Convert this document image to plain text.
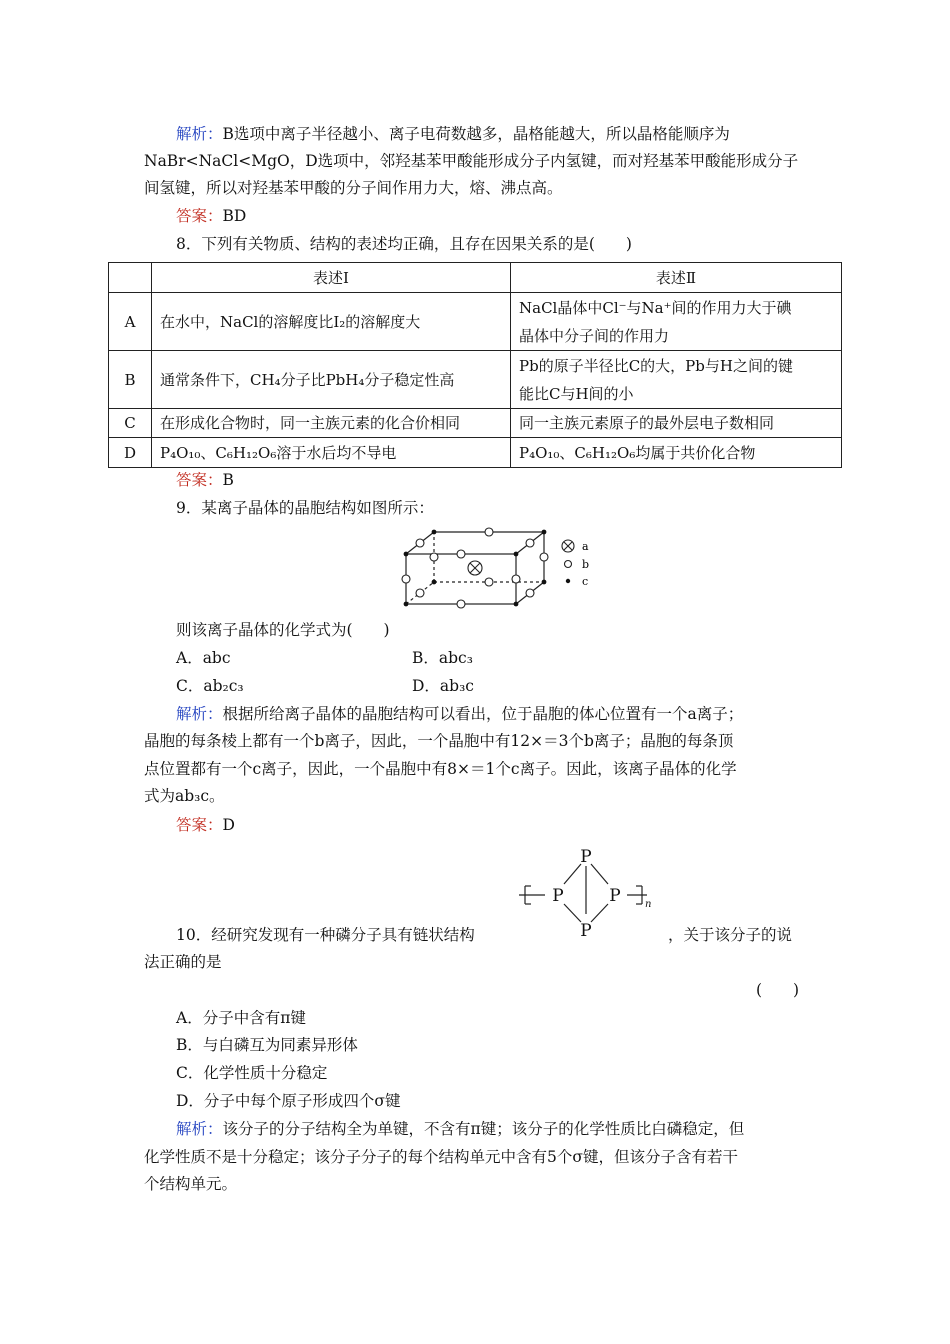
解析：B选项中离子半径越小、离子电荷数越多，晶格能越大，所以晶格能顺序为
NaBr<NaCl<MgO，D选项中，邻羟基苯甲酸能形成分子内氢键，而对羟基苯甲酸能形成分子
间氢键，所以对羟基苯甲酸的分子间作用力大，熔、沸点高。
答案：BD
8．下列有关物质、结构的表述均正确，且存在因果关系的是(　　)
	表述Ⅰ	表述Ⅱ
A	在水中，NaCl的溶解度比I₂的溶解度大	NaCl晶体中Cl⁻与Na⁺间的作用力大于碘
晶体中分子间的作用力

B	通常条件下，CH₄分子比PbH₄分子稳定性高	Pb的原子半径比C的大，Pb与H之间的键
能比C与H间的小

C	在形成化合物时，同一主族元素的化合价相同	同一主族元素原子的最外层电子数相同
D	P₄O₁₀、C₆H₁₂O₆溶于水后均不导电	P₄O₁₀、C₆H₁₂O₆均属于共价化合物
答案：B
9．某离子晶体的晶胞结构如图所示：
a
b
c
则该离子晶体的化学式为(　　)
A．abc	B．abc₃
C．ab₂c₃	D．ab₃c
解析：根据所给离子晶体的晶胞结构可以看出，位于晶胞的体心位置有一个a离子；
晶胞的每条棱上都有一个b离子，因此，一个晶胞中有12×＝3个b离子；晶胞的每条顶
点位置都有一个c离子，因此，一个晶胞中有8×＝1个c离子。因此，该离子晶体的化学
式为ab₃c。
答案：D
P
P	P
P
n
10．经研究发现有一种磷分子具有链状结构	，关于该分子的说
法正确的是
(　　)
A．分子中含有π键
B．与白磷互为同素异形体
C．化学性质十分稳定
D．分子中每个原子形成四个σ键
解析：该分子的分子结构全为单键，不含有π键；该分子的化学性质比白磷稳定，但
化学性质不是十分稳定；该分子分子的每个结构单元中含有5个σ键，但该分子含有若干
个结构单元。
